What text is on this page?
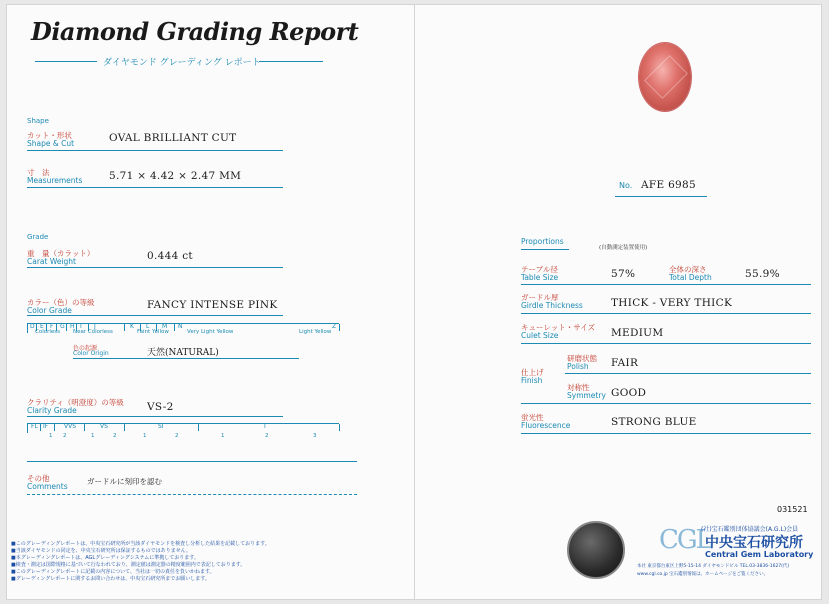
Diamond Grading Report
ダイヤモンド グレーディング レポート
Shape
カット・形状
Shape & Cut	OVAL BRILLIANT CUT
寸　法
Measurements	5.71 × 4.42 × 2.47 MM
Grade
重　量（カラット）
Carat Weight	0.444 ct
カラー（色）の等級
Color Grade	FANCY INTENSE PINK
D E F G H I J	K L M N	Z
Colorless Near Colorless	Faint Yellow	Very Light Yellow	Light Yellow
色の起源
Color Origin	天然(NATURAL)
クラリティ（明澄度）の等級
Clarity Grade	VS-2
FL IF	VVS	VS	SI	I
1 2	1	2	1	2	1	2	3
その他
Comments
ガードルに刻印を認む
■このグレーディングレポートは、中央宝石研究所が当該ダイヤモンドを検査し分析した結果を記載しております。
■当該ダイヤモンドの同定を、中央宝石研究所は保証するものではありません。
■本グレーディングレポートは、AGLグレーディングシステムに準拠しております。
■検査・測定は国際規格に基づいて行なわれており、測定値は測定器の精度範囲内で表記しております。
■このグレーディングレポートに記載の内容について、当社は一切の責任を負いかねます。
■グレーディングレポートに関するお問い合わせは、中央宝石研究所までお願いします。
No. AFE 6985
Proportions
(自動測定装置使用)
テーブル径
Table Size	57%	全体の深さ
Total Depth	55.9%
ガードル厚
Girdle Thickness	THICK - VERY THICK
キューレット・サイズ
Culet Size	MEDIUM
仕上げ
Finish
研磨状態
Polish FAIR
対称性
Symmetry GOOD
蛍光性
Fluorescence	STRONG BLUE
031521
CGL
(社)宝石鑑別団体協議会(A.G.L)会員
中央宝石研究所
Central Gem Laboratory
本社 東京都台東区上野5-15-14 ダイヤモンドビル TEL.03-3836-1627(代)
www.cgl.co.jp 宝石鑑別情報は、ホームページをご覧ください。
